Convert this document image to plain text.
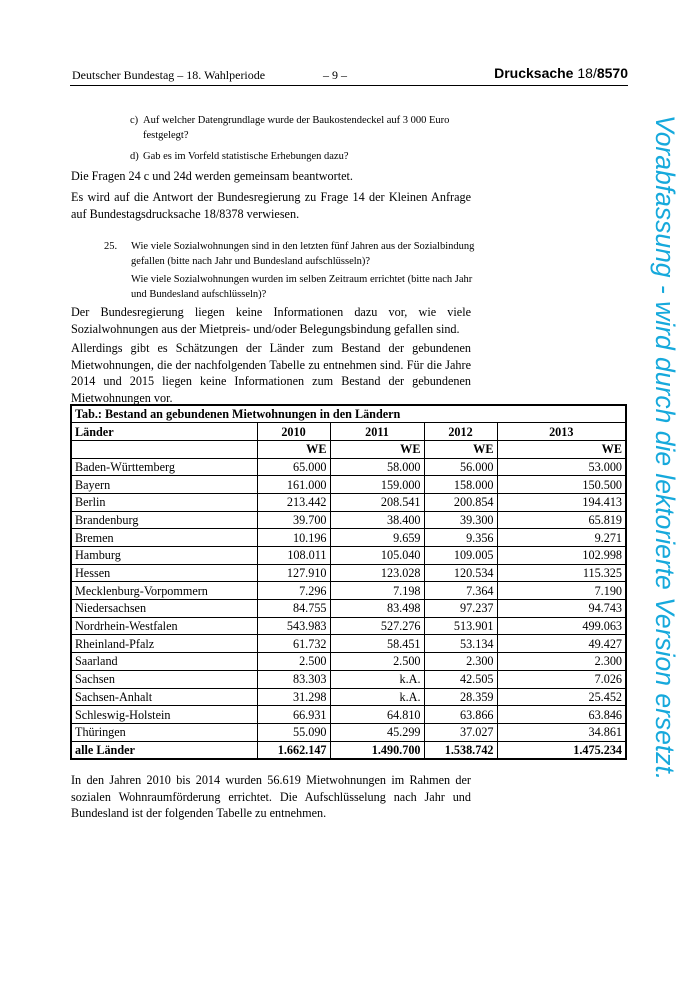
Deutscher Bundestag – 18. Wahlperiode	– 9 –	Drucksache 18/8570
Vorabfassung - wird durch die lektorierte Version ersetzt.
c) Auf welcher Datengrundlage wurde der Baukostendeckel auf 3 000 Euro festgelegt?
d) Gab es im Vorfeld statistische Erhebungen dazu?

Die Fragen 24 c und 24d werden gemeinsam beantwortet.

Es wird auf die Antwort der Bundesregierung zu Frage 14 der Kleinen Anfrage auf Bundestagsdrucksache 18/8378 verwiesen.

25. Wie viele Sozialwohnungen sind in den letzten fünf Jahren aus der Sozialbindung gefallen (bitte nach Jahr und Bundesland aufschlüsseln)?

Wie viele Sozialwohnungen wurden im selben Zeitraum errichtet (bitte nach Jahr und Bundesland aufschlüsseln)?

Der Bundesregierung liegen keine Informationen dazu vor, wie viele Sozialwohnungen aus der Mietpreis- und/oder Belegungsbindung gefallen sind.

Allerdings gibt es Schätzungen der Länder zum Bestand der gebundenen Mietwohnungen, die der nachfolgenden Tabelle zu entnehmen sind. Für die Jahre 2014 und 2015 liegen keine Informationen zum Bestand der gebundenen Mietwohnungen vor.

Tab.: Bestand an gebundenen Mietwohnungen in den Ländern				
Länder	2010	2011	2012	2013
	WE	WE	WE	WE
Baden-Württemberg	65.000	58.000	56.000	53.000
Bayern	161.000	159.000	158.000	150.500
Berlin	213.442	208.541	200.854	194.413
Brandenburg	39.700	38.400	39.300	65.819
Bremen	10.196	9.659	9.356	9.271
Hamburg	108.011	105.040	109.005	102.998
Hessen	127.910	123.028	120.534	115.325
Mecklenburg-Vorpommern	7.296	7.198	7.364	7.190
Niedersachsen	84.755	83.498	97.237	94.743
Nordrhein-Westfalen	543.983	527.276	513.901	499.063
Rheinland-Pfalz	61.732	58.451	53.134	49.427
Saarland	2.500	2.500	2.300	2.300
Sachsen	83.303	k.A.	42.505	7.026
Sachsen-Anhalt	31.298	k.A.	28.359	25.452
Schleswig-Holstein	66.931	64.810	63.866	63.846
Thüringen	55.090	45.299	37.027	34.861
alle Länder	1.662.147	1.490.700	1.538.742	1.475.234

In den Jahren 2010 bis 2014 wurden 56.619 Mietwohnungen im Rahmen der sozialen Wohnraumförderung errichtet. Die Aufschlüsselung nach Jahr und Bundesland ist der folgenden Tabelle zu entnehmen.
